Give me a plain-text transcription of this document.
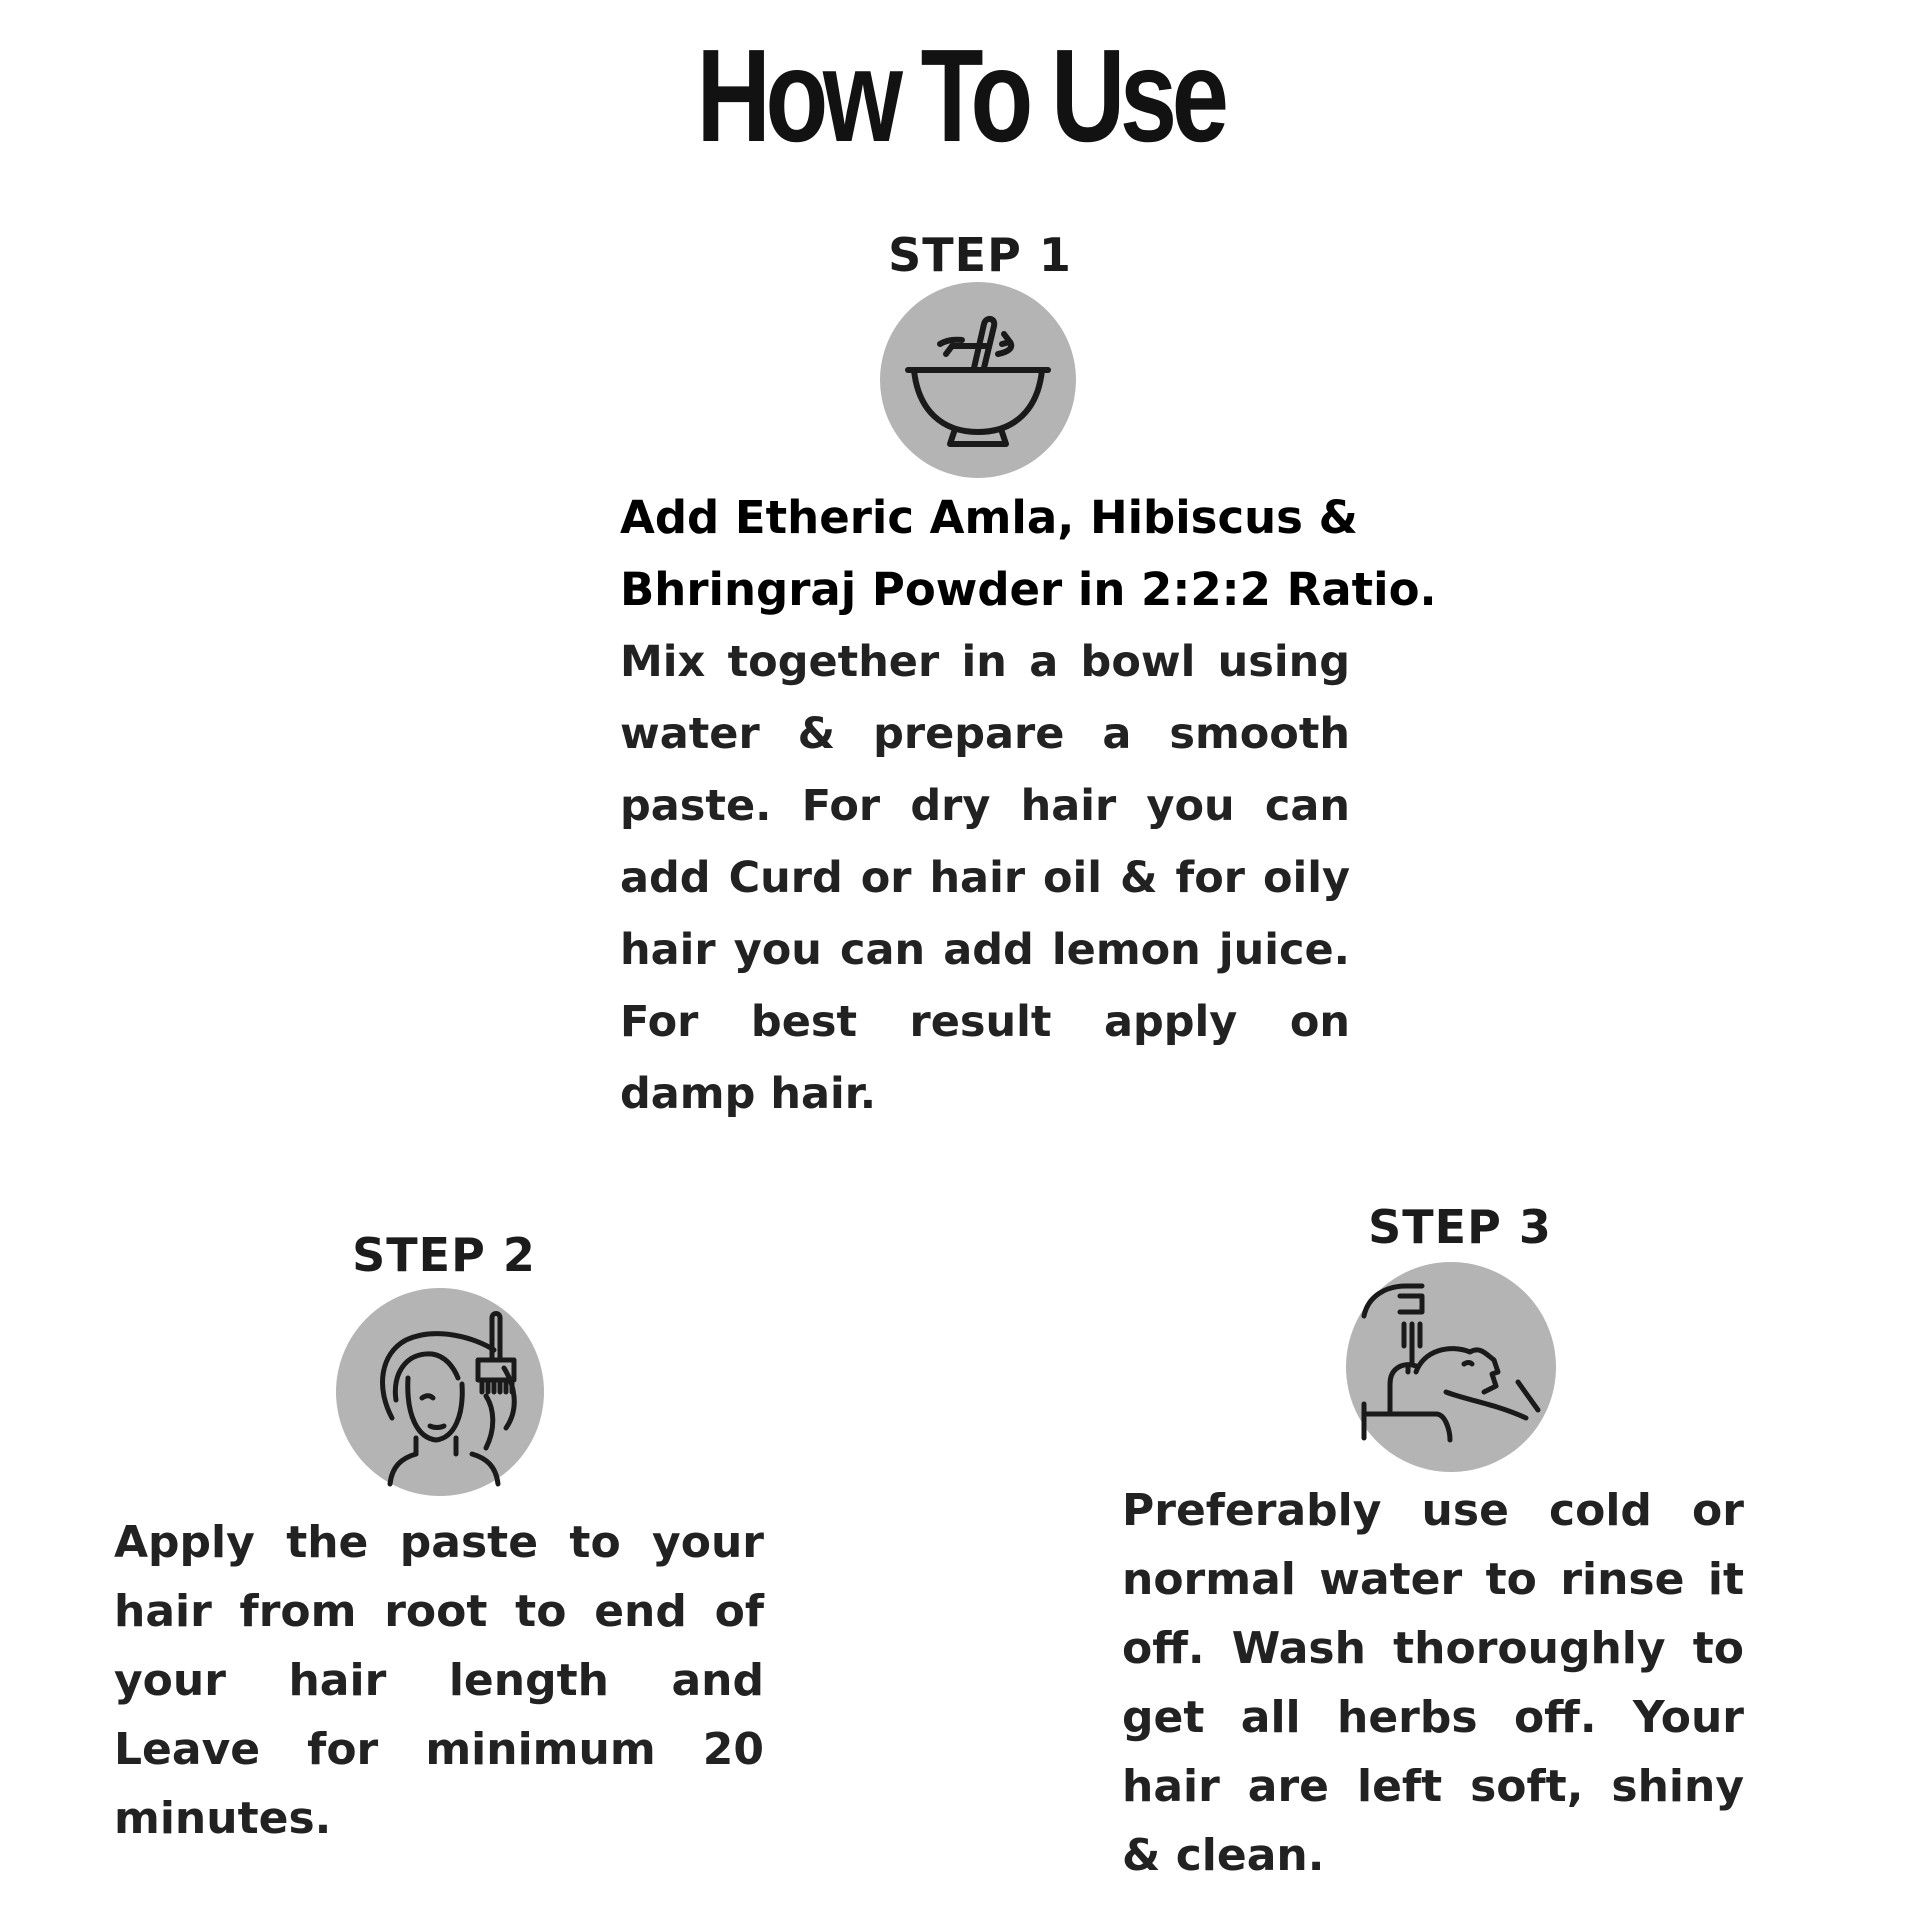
How To Use
STEP 1

Add Etheric Amla, Hibiscus &

Bhringraj Powder in 2:2:2 Ratio.

Mix together in a bowl using water & prepare a smooth paste. For dry hair you can add Curd or hair oil & for oily hair you can add lemon juice. For best result apply on damp hair.

STEP 2

Apply the paste to your hair from root to end of your hair length and Leave for minimum 20 minutes.

STEP 3

Preferably use cold or normal water to rinse it off. Wash thoroughly to get all herbs off. Your hair are left soft, shiny & clean.
